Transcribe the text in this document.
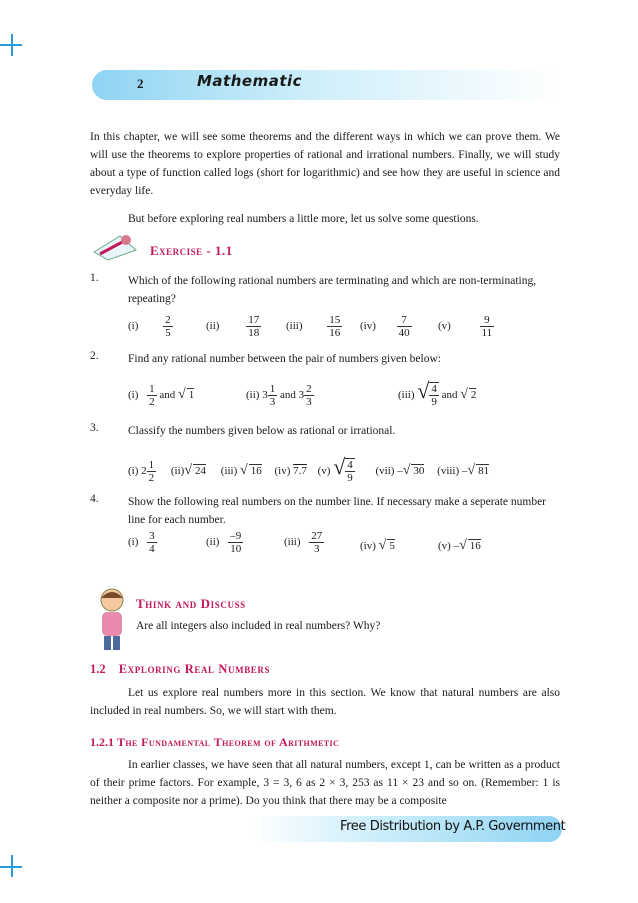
2	Mathematic
In this chapter, we will see some theorems and the different ways in which we can prove them. We will use the theorems to explore properties of rational and irrational numbers. Finally, we will study about a type of function called logs (short for logarithmic) and see how they are useful in science and everyday life.
But before exploring real numbers a little more, let us solve some questions.
Exercise - 1.1
1.	Which of the following rational numbers are terminating and which are non-terminating, repeating?
$(i) \frac{2}{5}$	$(ii) \frac{17}{18} (iii) \frac{15}{16} (iv) \frac{7}{40} (v)$	$\frac{9}{11}$
2.	Find any rational number between the pair of numbers given below:
$(i) \frac{1}{2}$ and √ 1	(ii) $3 \frac{1}{3}$ and $3 \frac{2}{3}$	(iii) √ $\frac{4}{9}$ and √ 2
3.	Classify the numbers given below as rational or irrational.
(i) $2 \frac{1}{2} (ii)√$ 24 (iii) √ 16 (iv) 7.7 (v) √ $\frac{4}{9} (vii)$ –√ 30 (viii) –√ 81
4.	Show the following real numbers on the number line. If necessary make a seperate number line for each number.
$(i) \frac{3}{4}$	$(ii) \frac{-9}{10}$	$(iii) \frac{27}{3}$	(iv) √ 5	(v) –√ 16
Think and Discuss
Are all integers also included in real numbers? Why?
1.2 Exploring Real Numbers
Let us explore real numbers more in this section. We know that natural numbers are also included in real numbers. So, we will start with them.
1.2.1 The Fundamental Theorem of Arithmetic
In earlier classes, we have seen that all natural numbers, except 1, can be written as a product of their prime factors. For example, 3 = 3, 6 as 2 × 3, 253 as 11 × 23 and so on. (Remember: 1 is neither a composite nor a prime). Do you think that there may be a composite
Free Distribution by A.P. Government
